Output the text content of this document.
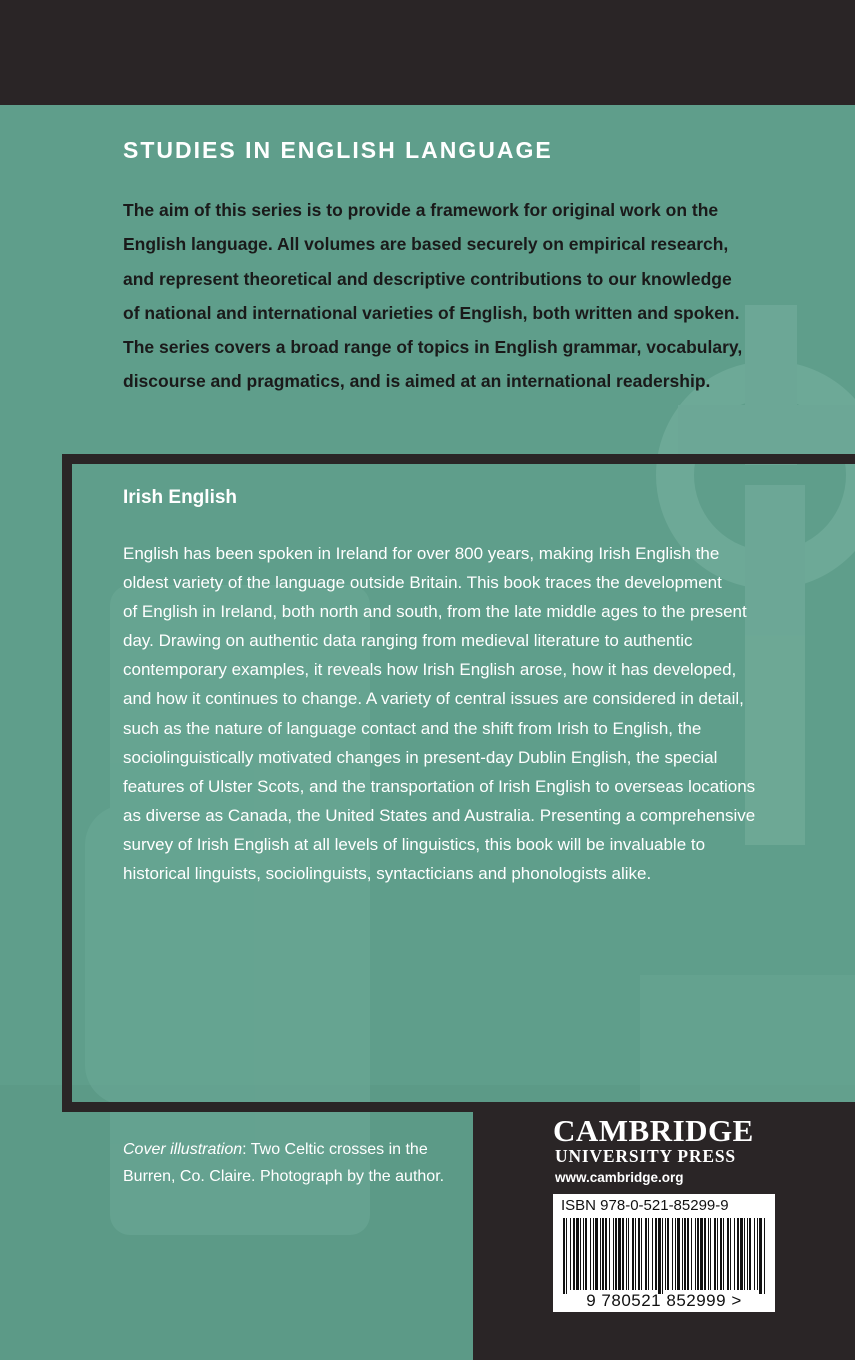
STUDIES IN ENGLISH LANGUAGE
The aim of this series is to provide a framework for original work on the
English language. All volumes are based securely on empirical research,
and represent theoretical and descriptive contributions to our knowledge
of national and international varieties of English, both written and spoken.
The series covers a broad range of topics in English grammar, vocabulary,
discourse and pragmatics, and is aimed at an international readership.
Irish English
English has been spoken in Ireland for over 800 years, making Irish English the
oldest variety of the language outside Britain. This book traces the development
of English in Ireland, both north and south, from the late middle ages to the present
day. Drawing on authentic data ranging from medieval literature to authentic
contemporary examples, it reveals how Irish English arose, how it has developed,
and how it continues to change. A variety of central issues are considered in detail,
such as the nature of language contact and the shift from Irish to English, the
sociolinguistically motivated changes in present-day Dublin English, the special
features of Ulster Scots, and the transportation of Irish English to overseas locations
as diverse as Canada, the United States and Australia. Presenting a comprehensive
survey of Irish English at all levels of linguistics, this book will be invaluable to
historical linguists, sociolinguists, syntacticians and phonologists alike.
Cover illustration: Two Celtic crosses in the
Burren, Co. Claire. Photograph by the author.
CAMBRIDGE
UNIVERSITY PRESS
www.cambridge.org
ISBN 978-0-521-85299-9
9 780521 852999 >
